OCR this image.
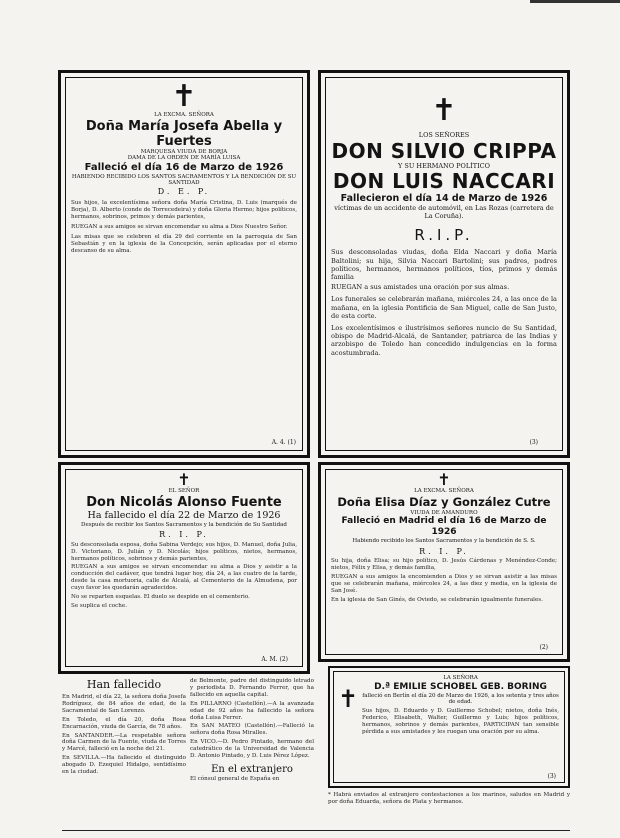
✝
LA EXCMA. SEÑORA
Doña María Josefa Abella y Fuertes
MARQUESA VIUDA DE BORJA
DAMA DE LA ORDEN DE MARÍA LUISA
Falleció el día 16 de Marzo de 1926
HABIENDO RECIBIDO LOS SANTOS SACRAMENTOS Y LA BENDICIÓN DE SU SANTIDAD
D. E. P.
Sus hijos, la excelentísima señora doña María Cristina, D. Luis (marqués de Borja), D. Alberto (conde de Torrecedeira) y doña Gloria Hermo; hijos políticos, hermanos, sobrinos, primos y demás parientes,
RUEGAN a sus amigos se sirvan encomendar su alma a Dios Nuestro Señor.
Las misas que se celebren el día 29 del corriente en la parroquia de San Sebastián y en la iglesia de la Concepción, serán aplicadas por el eterno descanso de su alma.
A. 4. (1)
✝
LOS SEÑORES
DON SILVIO CRIPPA
Y SU HERMANO POLÍTICO
DON LUIS NACCARI
Fallecieron el día 14 de Marzo de 1926
víctimas de un accidente de automóvil, en Las Rozas (carretera de La Coruña).
R.I.P.
Sus desconsoladas viudas, doña Elda Naccari y doña María Baltolini; su hija, Silvia Naccari Bartolini; sus padres, padres políticos, hermanos, hermanos políticos, tíos, primos y demás familia
RUEGAN a sus amistades una oración por sus almas.
Los funerales se celebrarán mañana, miércoles 24, a las once de la mañana, en la iglesia Pontificia de San Miguel, calle de San Justo, de esta corte.
Los excelentísimos e ilustrísimos señores nuncio de Su Santidad, obispo de Madrid-Alcalá, de Santander, patriarca de las Indias y arzobispo de Toledo han concedido indulgencias en la forma acostumbrada.
(3)
✝
EL SEÑOR
Don Nicolás Alonso Fuente
Ha fallecido el día 22 de Marzo de 1926
Después de recibir los Santos Sacramentos y la bendición de Su Santidad
R. I. P.
Su desconsolada esposa, doña Sabina Verdejo; sus hijos, D. Manuel, doña Julia, D. Victoriano, D. Julián y D. Nicolás; hijos políticos, nietos, hermanos, hermanos políticos, sobrinos y demás parientes,
RUEGAN a sus amigos se sirvan encomendar su alma a Dios y asistir a la conducción del cadáver, que tendrá lugar hoy, día 24, a las cuatro de la tarde, desde la casa mortuoria, calle de Alcalá, al Cementerio de la Almudena, por cuyo favor les quedarán agradecidos.
No se reparten esquelas. El duelo se despide en el cementerio.
Se suplica el coche.
A. M. (2)
✝
LA EXCMA. SEÑORA
Doña Elisa Díaz y González Cutre
VIUDA DE AMANDURO
Falleció en Madrid el día 16 de Marzo de 1926
Habiendo recibido los Santos Sacramentos y la bendición de S. S.
R. I. P.
Su hija, doña Elisa; su hijo político, D. Jesús Cárdenas y Menéndez-Conde; nietos, Félix y Elisa, y demás familia,
RUEGAN a sus amigos la encomienden a Dios y se sirvan asistir a las misas que se celebrarán mañana, miércoles 24, a las diez y media, en la iglesia de San José.
En la iglesia de San Ginés, de Oviedo, se celebrarán igualmente funerales.
(2)
Han fallecido
En Madrid, el día 22, la señora doña Josefa Rodríguez, de 84 años de edad, de la Sacramental de San Lorenzo.
En Toledo, el día 20, doña Rosa Encarnación, viuda de García, de 78 años.
En SANTANDER.—La respetable señora doña Carmen de la Fuente, viuda de Torres y Marcé, falleció en la noche del 21.
En SEVILLA.—Ha fallecido el distinguido abogado D. Ezequiel Hidalgo, sentidísimo en la ciudad.
de Belmonte, padre del distinguido letrado y periodista D. Fernando Ferrer, que ha fallecido en aquella capital.
En PILLARNO (Castellón).—A la avanzada edad de 92 años ha fallecido la señora doña Luisa Ferrer.
En SAN MATEO (Castellón).—Falleció la señora doña Rosa Miralles.
En VICO.—D. Pedro Pintado, hermano del catedrático de la Universidad de Valencia D. Antonio Pintado, y D. Luis Pérez López.
En el extranjero
El cónsul general de España en
✝
LA SEÑORA
D.ª EMILIE SCHOBEL GEB. BORING
falleció en Berlín el día 20 de Marzo de 1926, a los setenta y tres años de edad.
Sus hijos, D. Eduardo y D. Guillermo Schobel; nietos, doña Inés, Federico, Elisabeth, Walter, Guillermo y Luis; hijos políticos, hermanos, sobrinos y demás parientes, PARTICIPAN tan sensible pérdida a sus amistades y les ruegan una oración por su alma.
(3)
* Habrá enviados al extranjero contestaciones a los marinos, saludos en Madrid y por doña Eduarda, señora de Plata y hermanos.
